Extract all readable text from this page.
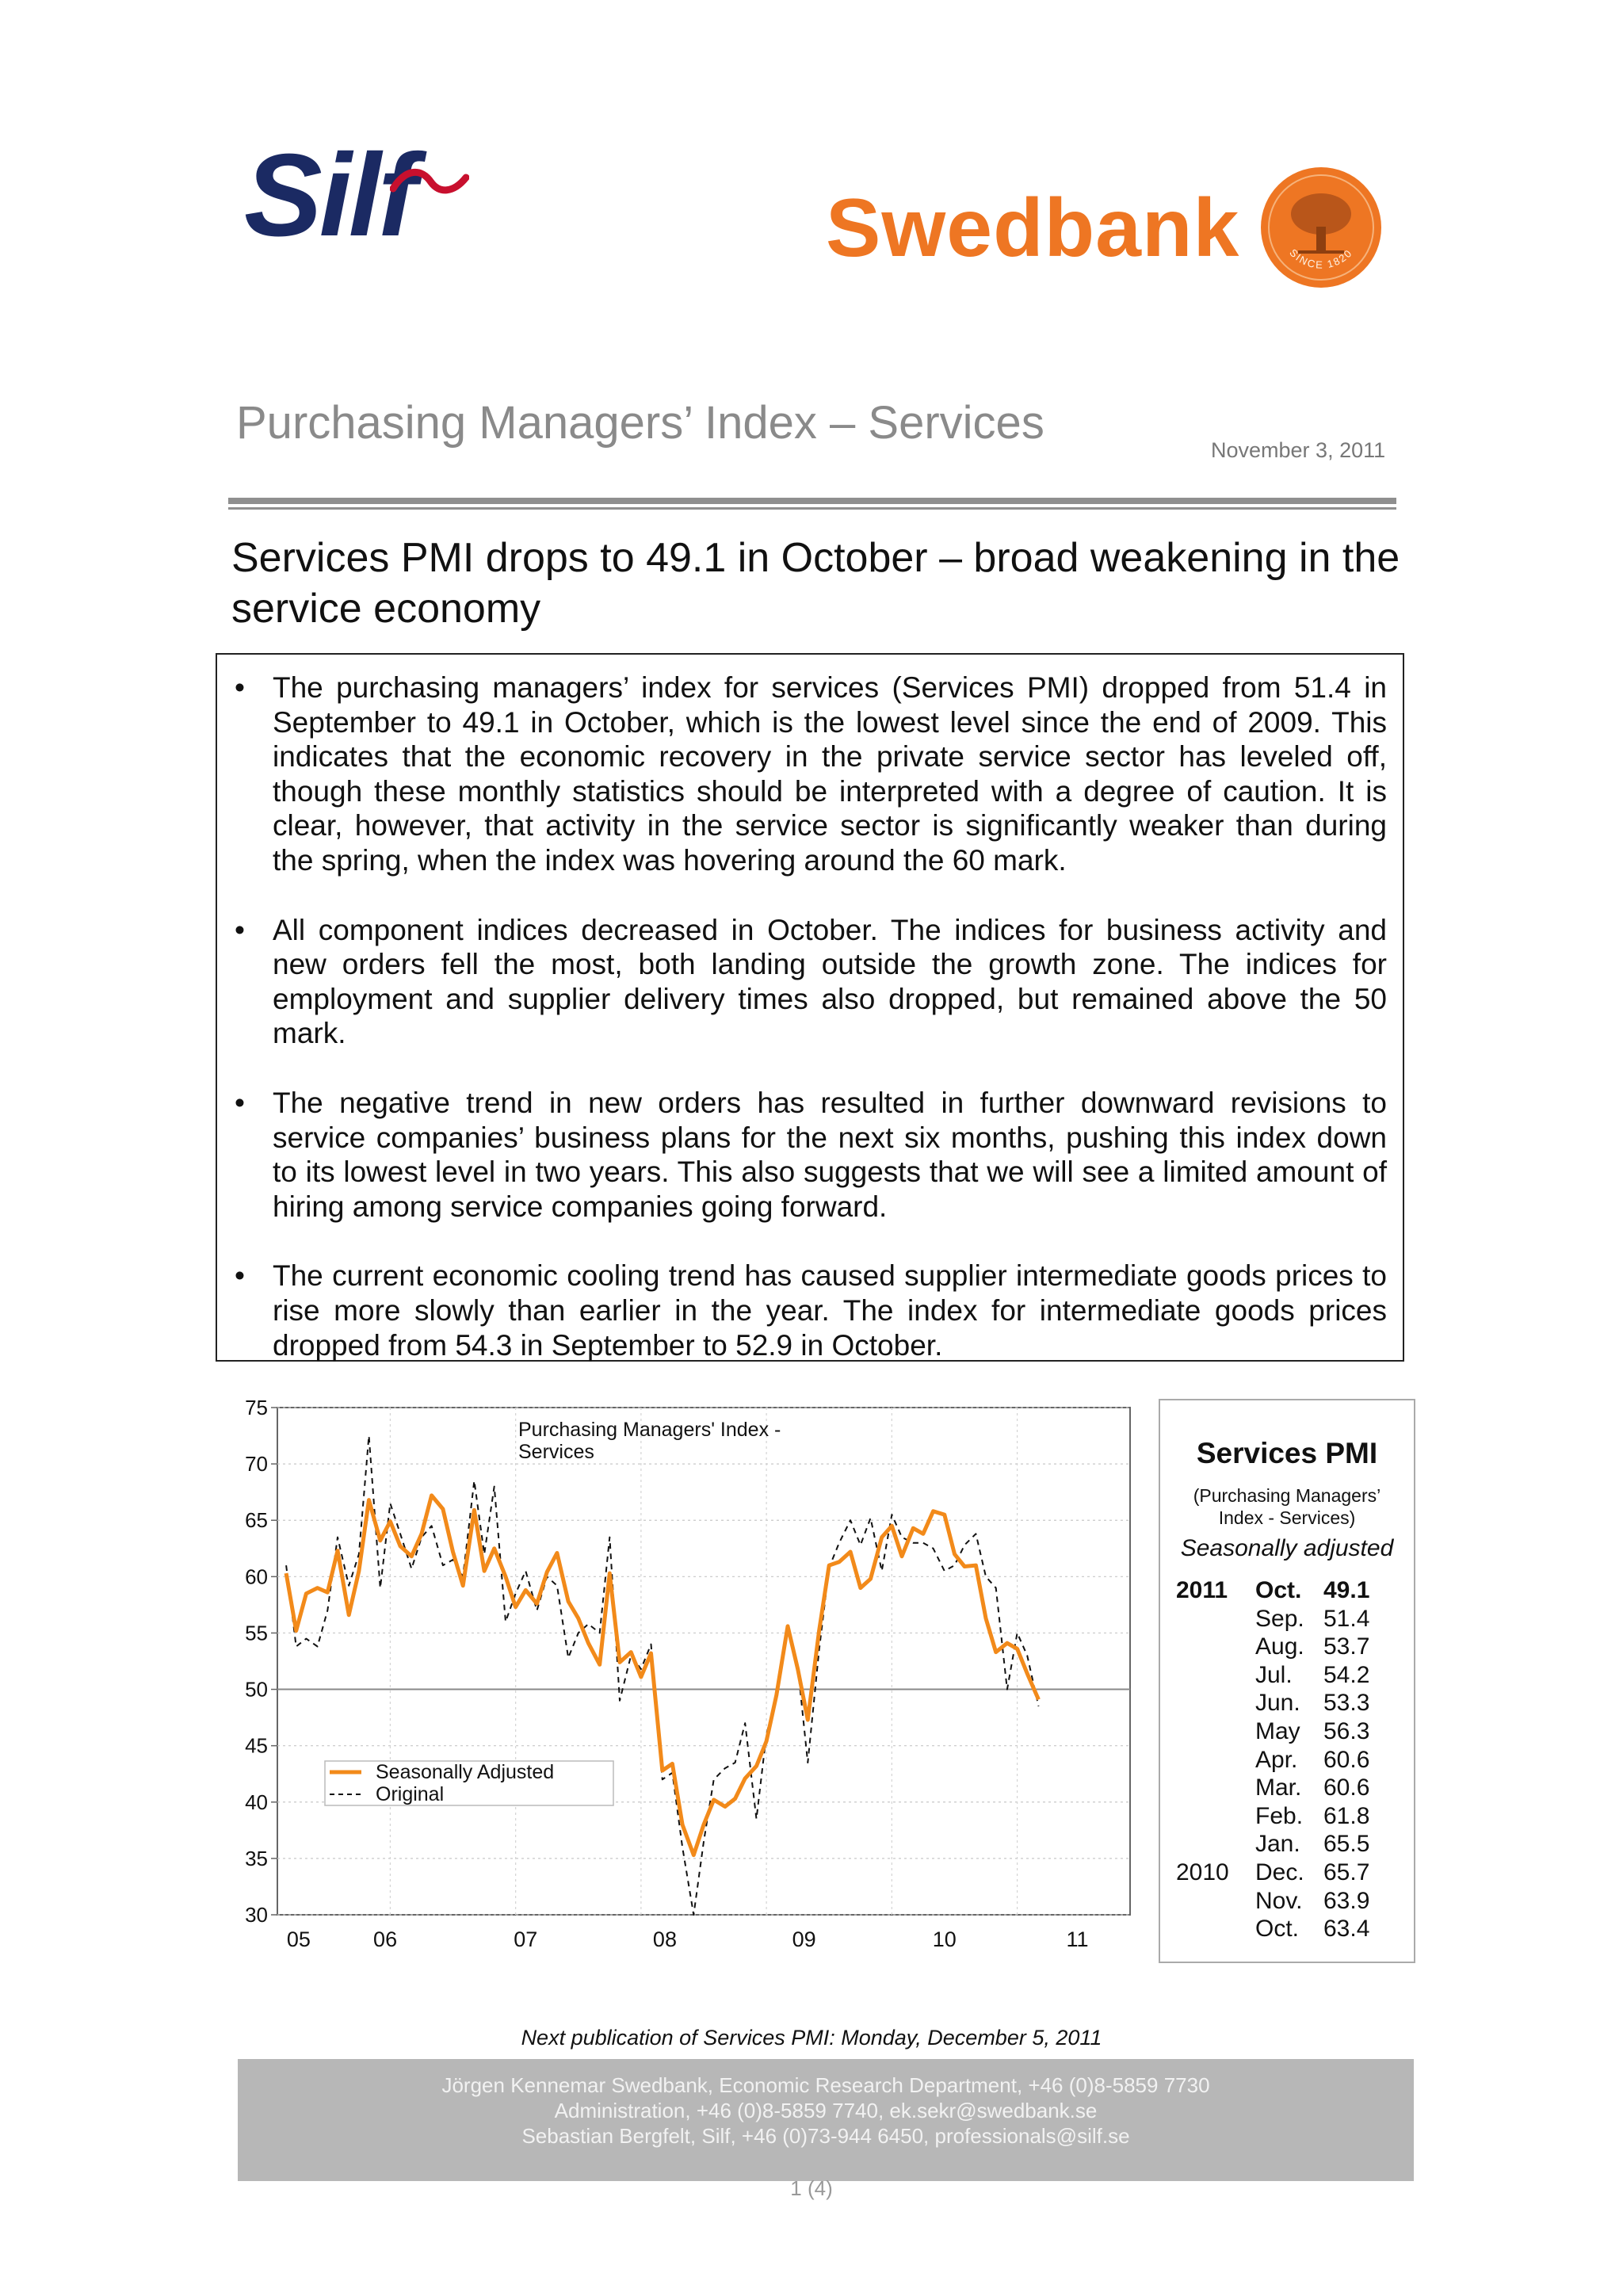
Silf	Swedbank	SINCE 1820
Purchasing Managers’ Index – Services
November 3, 2011
Services PMI drops to 49.1 in October – broad weakening in the service economy
• The purchasing managers’ index for services (Services PMI) dropped from 51.4 in September to 49.1 in October, which is the lowest level since the end of 2009. This indicates that the economic recovery in the private service sector has leveled off, though these monthly statistics should be interpreted with a degree of caution. It is clear, however, that activity in the service sector is significantly weaker than during the spring, when the index was hovering around the 60 mark.
• All component indices decreased in October. The indices for business activity and new orders fell the most, both landing outside the growth zone. The indices for employment and supplier delivery times also dropped, but remained above the 50 mark.
• The negative trend in new orders has resulted in further downward revisions to service companies’ business plans for the next six months, pushing this index down to its lowest level in two years. This also suggests that we will see a limited amount of hiring among service companies going forward.
• The current economic cooling trend has caused supplier intermediate goods prices to rise more slowly than earlier in the year. The index for intermediate goods prices dropped from 54.3 in September to 52.9 in October.
30
35
40
45
50
55
60
65
70
75
05	06	07	08	09	10	11
Purchasing Managers' Index -
Services
Seasonally Adjusted
Original
Services PMI
(Purchasing Managers’
Index - Services)
Seasonally adjusted
2011 Oct. 49.1
Sep. 51.4
Aug. 53.7
Jul. 54.2
Jun. 53.3
May 56.3
Apr. 60.6
Mar. 60.6
Feb. 61.8
Jan. 65.5
2010 Dec. 65.7
Nov. 63.9
Oct. 63.4
Next publication of Services PMI: Monday, December 5, 2011
Jörgen Kennemar Swedbank, Economic Research Department, +46 (0)8-5859 7730
Administration, +46 (0)8-5859 7740, ek.sekr@swedbank.se
Sebastian Bergfelt, Silf, +46 (0)73-944 6450, professionals@silf.se
1 (4)
